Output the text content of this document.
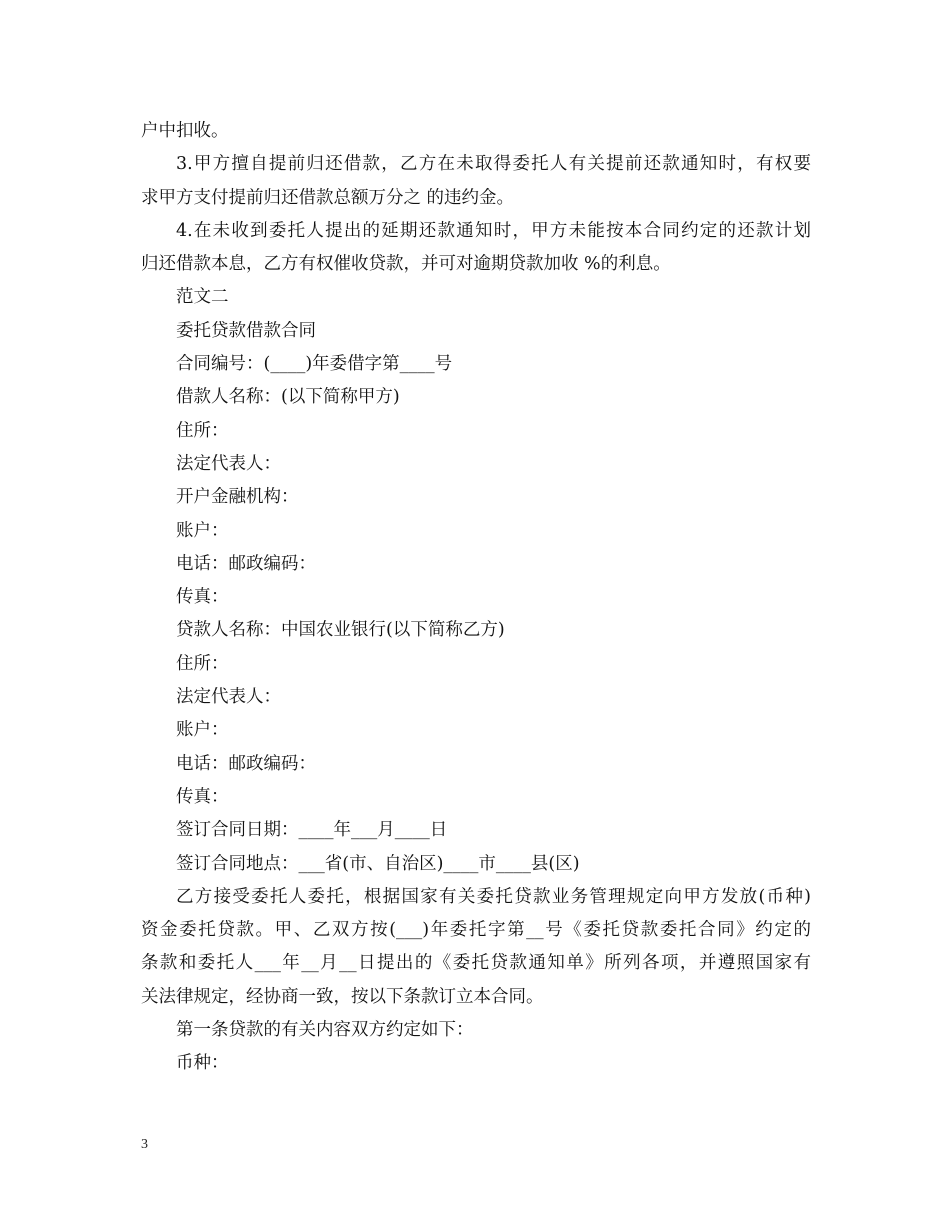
户中扣收。
3.甲方擅自提前归还借款，乙方在未取得委托人有关提前还款通知时，有权要
求甲方支付提前归还借款总额万分之 的违约金。
4.在未收到委托人提出的延期还款通知时，甲方未能按本合同约定的还款计划
归还借款本息，乙方有权催收贷款，并可对逾期贷款加收 %的利息。
范文二
委托贷款借款合同
合同编号：(____)年委借字第____号
借款人名称：(以下简称甲方)
住所：
法定代表人：
开户金融机构：
账户：
电话：邮政编码：
传真：
贷款人名称：中国农业银行(以下简称乙方)
住所：
法定代表人：
账户：
电话：邮政编码：
传真：
签订合同日期：____年___月____日
签订合同地点：___省(市、自治区)____市____县(区)
乙方接受委托人委托，根据国家有关委托贷款业务管理规定向甲方发放(币种)
资金委托贷款。甲、乙双方按(___)年委托字第__号《委托贷款委托合同》约定的
条款和委托人___年__月__日提出的《委托贷款通知单》所列各项，并遵照国家有
关法律规定，经协商一致，按以下条款订立本合同。
第一条贷款的有关内容双方约定如下：
币种：
3
